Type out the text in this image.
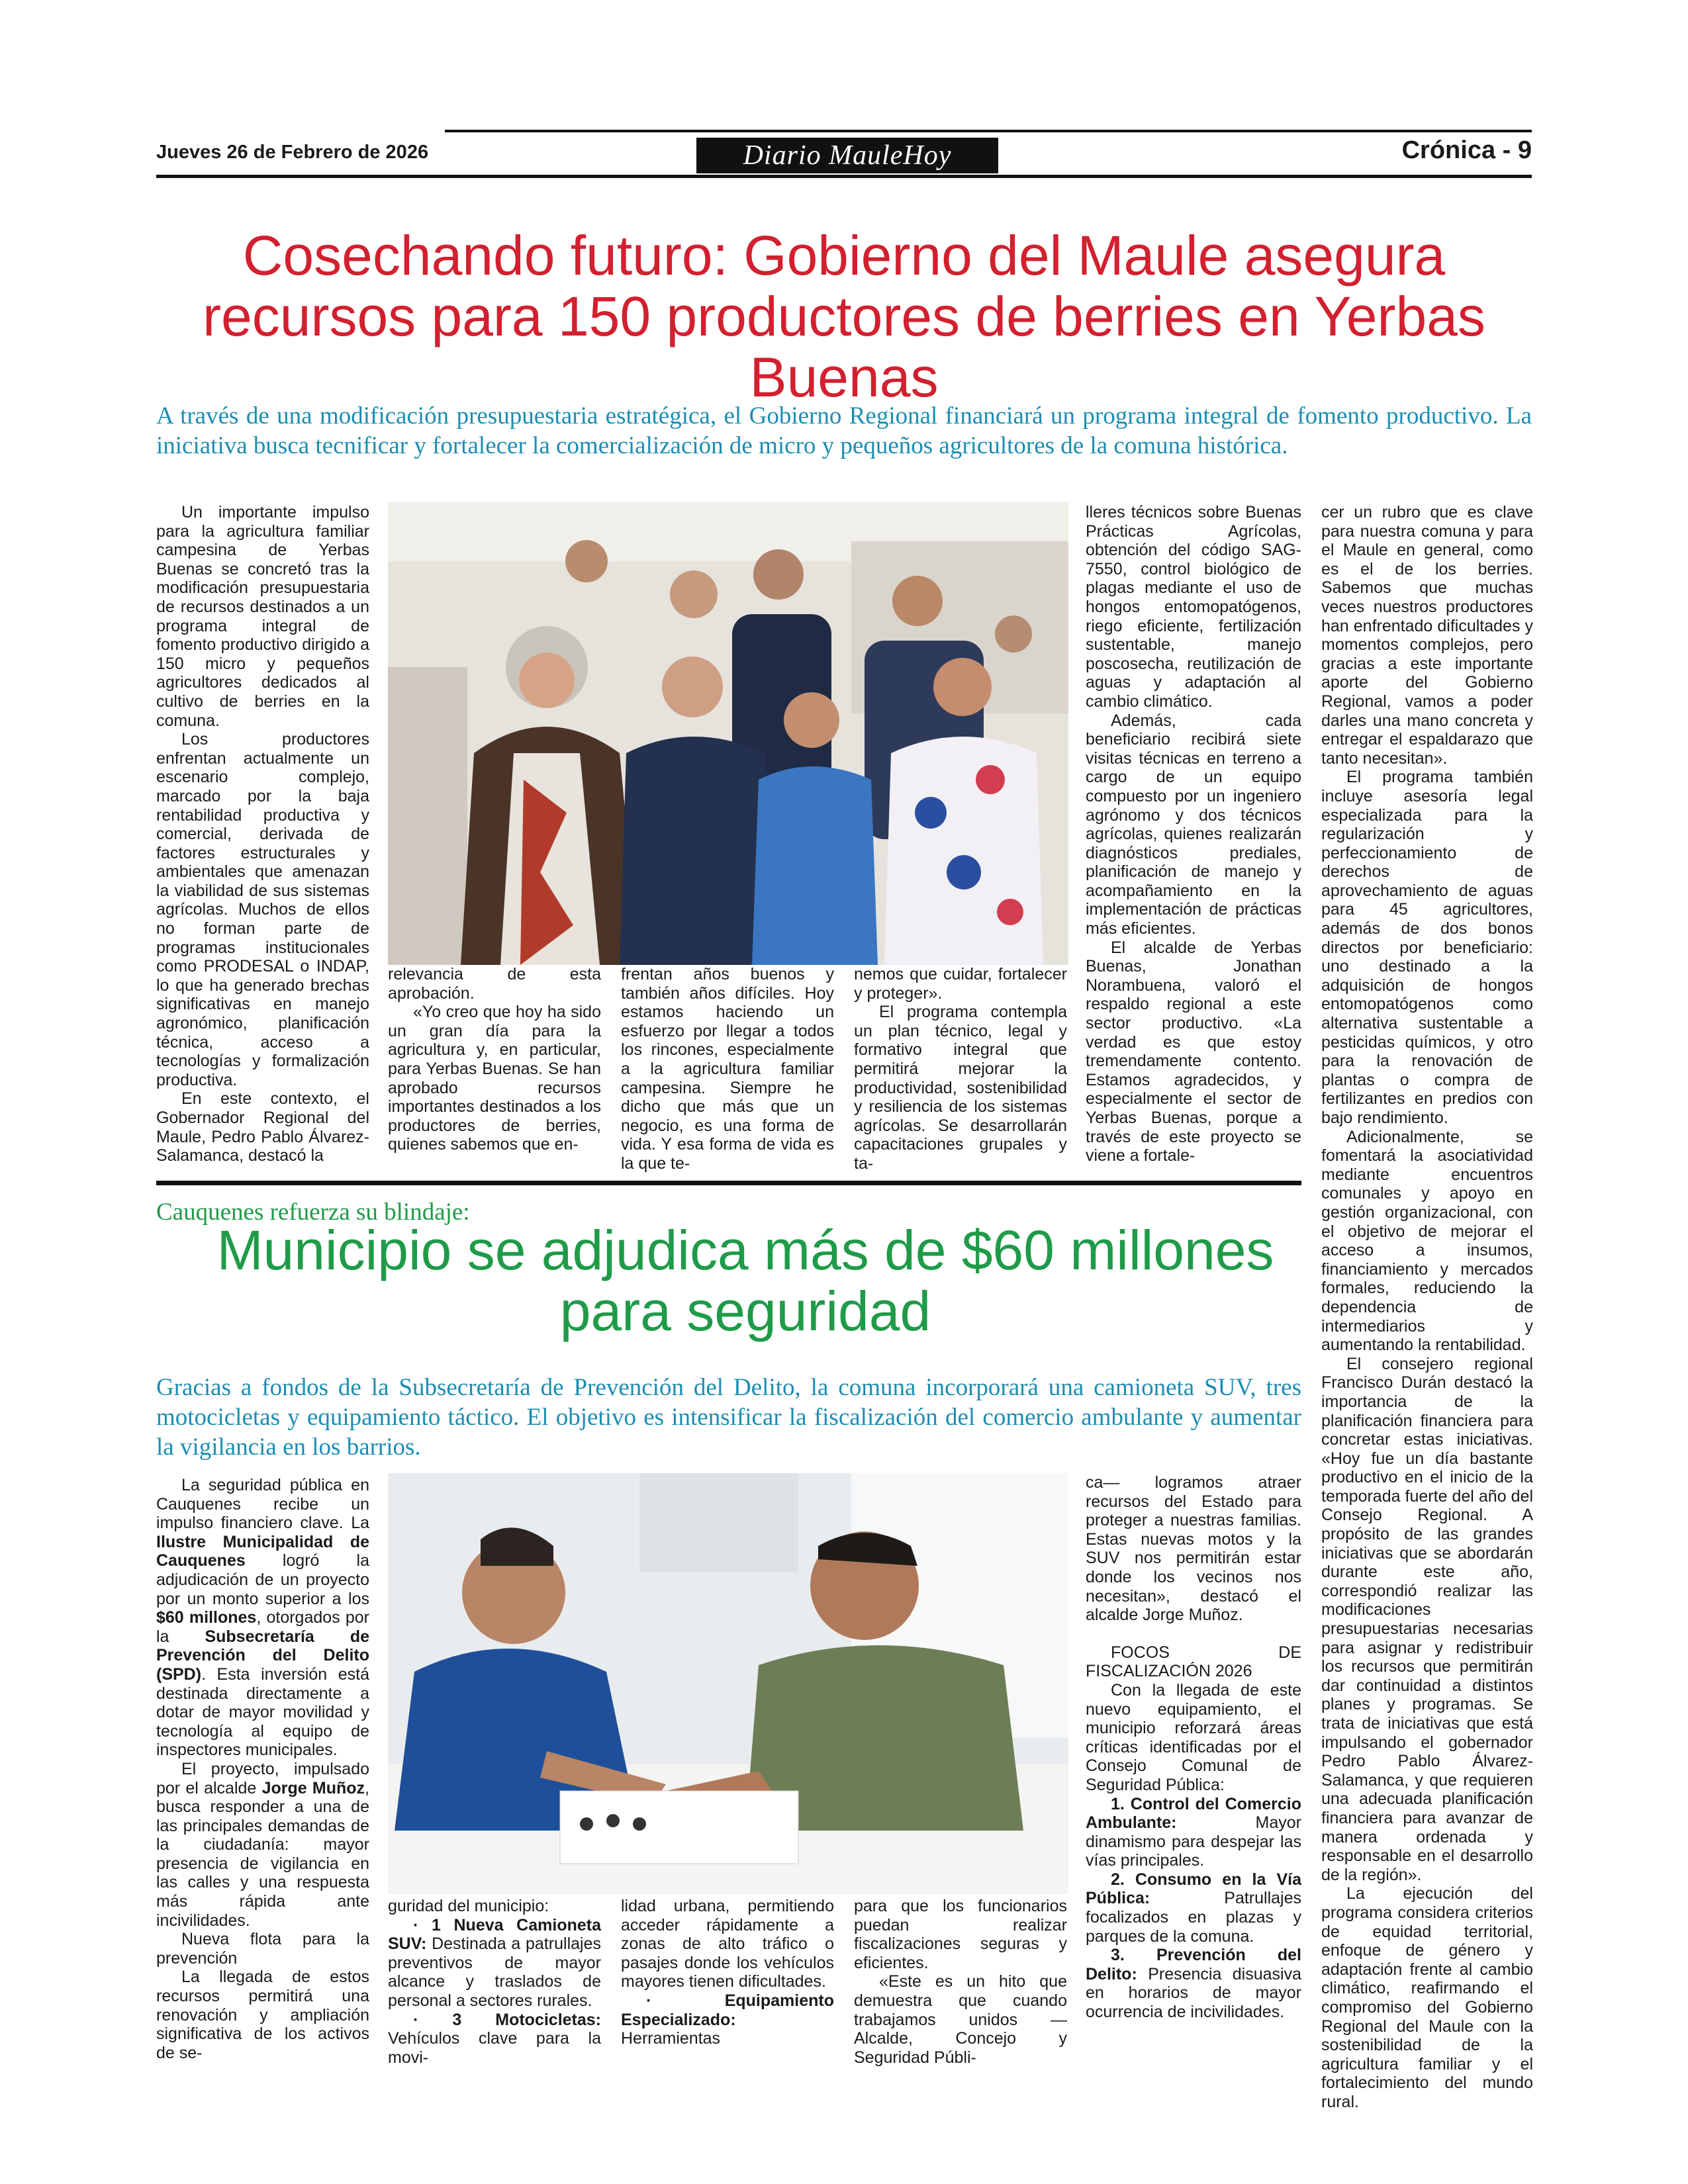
Jueves 26 de Febrero de 2026	Diario MauleHoy	Crónica - 9
Cosechando futuro: Gobierno del Maule asegura recursos para 150 productores de berries en Yerbas Buenas
A través de una modificación presupuestaria estratégica, el Gobierno Regional financiará un programa integral de fomento productivo. La iniciativa busca tecnificar y fortalecer la comercialización de micro y pequeños agricultores de la comuna histórica.

Un importante impulso para la agricultura familiar campesina de Yerbas Buenas se concretó tras la modificación presupuestaria de recursos destinados a un programa integral de fomento productivo dirigido a 150 micro y pequeños agricultores dedicados al cultivo de berries en la comuna.

Los productores enfrentan actualmente un escenario complejo, marcado por la baja rentabilidad productiva y comercial, derivada de factores estructurales y ambientales que amenazan la viabilidad de sus sistemas agrícolas. Muchos de ellos no forman parte de programas institucionales como PRODESAL o INDAP, lo que ha generado brechas significativas en manejo agronómico, planificación técnica, acceso a tecnologías y formalización productiva.

En este contexto, el Gobernador Regional del Maule, Pedro Pablo Álvarez-Salamanca, destacó la

relevancia de esta aprobación.

«Yo creo que hoy ha sido un gran día para la agricultura y, en particular, para Yerbas Buenas. Se han aprobado recursos importantes destinados a los productores de berries, quienes sabemos que en-

frentan años buenos y también años difíciles. Hoy estamos haciendo un esfuerzo por llegar a todos los rincones, especialmente a la agricultura familiar campesina. Siempre he dicho que más que un negocio, es una forma de vida. Y esa forma de vida es la que te-

nemos que cuidar, fortalecer y proteger».

El programa contempla un plan técnico, legal y formativo integral que permitirá mejorar la productividad, sostenibilidad y resiliencia de los sistemas agrícolas. Se desarrollarán capacitaciones grupales y ta-

lleres técnicos sobre Buenas Prácticas Agrícolas, obtención del código SAG-7550, control biológico de plagas mediante el uso de hongos entomopatógenos, riego eficiente, fertilización sustentable, manejo poscosecha, reutilización de aguas y adaptación al cambio climático.

Además, cada beneficiario recibirá siete visitas técnicas en terreno a cargo de un equipo compuesto por un ingeniero agrónomo y dos técnicos agrícolas, quienes realizarán diagnósticos prediales, planificación de manejo y acompañamiento en la implementación de prácticas más eficientes.

El alcalde de Yerbas Buenas, Jonathan Norambuena, valoró el respaldo regional a este sector productivo. «La verdad es que estoy tremendamente contento. Estamos agradecidos, y especialmente el sector de Yerbas Buenas, porque a través de este proyecto se viene a fortale-

cer un rubro que es clave para nuestra comuna y para el Maule en general, como es el de los berries. Sabemos que muchas veces nuestros productores han enfrentado dificultades y momentos complejos, pero gracias a este importante aporte del Gobierno Regional, vamos a poder darles una mano concreta y entregar el espaldarazo que tanto necesitan».

El programa también incluye asesoría legal especializada para la regularización y perfeccionamiento de derechos de aprovechamiento de aguas para 45 agricultores, además de dos bonos directos por beneficiario: uno destinado a la adquisición de hongos entomopatógenos como alternativa sustentable a pesticidas químicos, y otro para la renovación de plantas o compra de fertilizantes en predios con bajo rendimiento.

Adicionalmente, se fomentará la asociatividad mediante encuentros comunales y apoyo en gestión organizacional, con el objetivo de mejorar el acceso a insumos, financiamiento y mercados formales, reduciendo la dependencia de intermediarios y aumentando la rentabilidad.

El consejero regional Francisco Durán destacó la importancia de la planificación financiera para concretar estas iniciativas. «Hoy fue un día bastante productivo en el inicio de la temporada fuerte del año del Consejo Regional. A propósito de las grandes iniciativas que se abordarán durante este año, correspondió realizar las modificaciones presupuestarias necesarias para asignar y redistribuir los recursos que permitirán dar continuidad a distintos planes y programas. Se trata de iniciativas que está impulsando el gobernador Pedro Pablo Álvarez-Salamanca, y que requieren una adecuada planificación financiera para avanzar de manera ordenada y responsable en el desarrollo de la región».

La ejecución del programa considera criterios de equidad territorial, enfoque de género y adaptación frente al cambio climático, reafirmando el compromiso del Gobierno Regional del Maule con la sostenibilidad de la agricultura familiar y el fortalecimiento del mundo rural.

Cauquenes refuerza su blindaje:
Municipio se adjudica más de $60 millones para seguridad
Gracias a fondos de la Subsecretaría de Prevención del Delito, la comuna incorporará una camioneta SUV, tres motocicletas y equipamiento táctico. El objetivo es intensificar la fiscalización del comercio ambulante y aumentar la vigilancia en los barrios.

La seguridad pública en Cauquenes recibe un impulso financiero clave. La Ilustre Municipalidad de Cauquenes logró la adjudicación de un proyecto por un monto superior a los $60 millones, otorgados por la Subsecretaría de Prevención del Delito (SPD). Esta inversión está destinada directamente a dotar de mayor movilidad y tecnología al equipo de inspectores municipales.

El proyecto, impulsado por el alcalde Jorge Muñoz, busca responder a una de las principales demandas de la ciudadanía: mayor presencia de vigilancia en las calles y una respuesta más rápida ante incivilidades.

Nueva flota para la prevención

La llegada de estos recursos permitirá una renovación y ampliación significativa de los activos de se-

guridad del municipio:

· 1 Nueva Camioneta SUV: Destinada a patrullajes preventivos de mayor alcance y traslados de personal a sectores rurales.

· 3 Motocicletas: Vehículos clave para la movi-

lidad urbana, permitiendo acceder rápidamente a zonas de alto tráfico o pasajes donde los vehículos mayores tienen dificultades.

· Equipamiento Especializado: Herramientas

para que los funcionarios puedan realizar fiscalizaciones seguras y eficientes.

«Este es un hito que demuestra que cuando trabajamos unidos —Alcalde, Concejo y Seguridad Públi-

ca— logramos atraer recursos del Estado para proteger a nuestras familias. Estas nuevas motos y la SUV nos permitirán estar donde los vecinos nos necesitan», destacó el alcalde Jorge Muñoz.

FOCOS DE FISCALIZACIÓN 2026

Con la llegada de este nuevo equipamiento, el municipio reforzará áreas críticas identificadas por el Consejo Comunal de Seguridad Pública:

1. Control del Comercio Ambulante: Mayor dinamismo para despejar las vías principales.

2. Consumo en la Vía Pública: Patrullajes focalizados en plazas y parques de la comuna.

3. Prevención del Delito: Presencia disuasiva en horarios de mayor ocurrencia de incivilidades.
